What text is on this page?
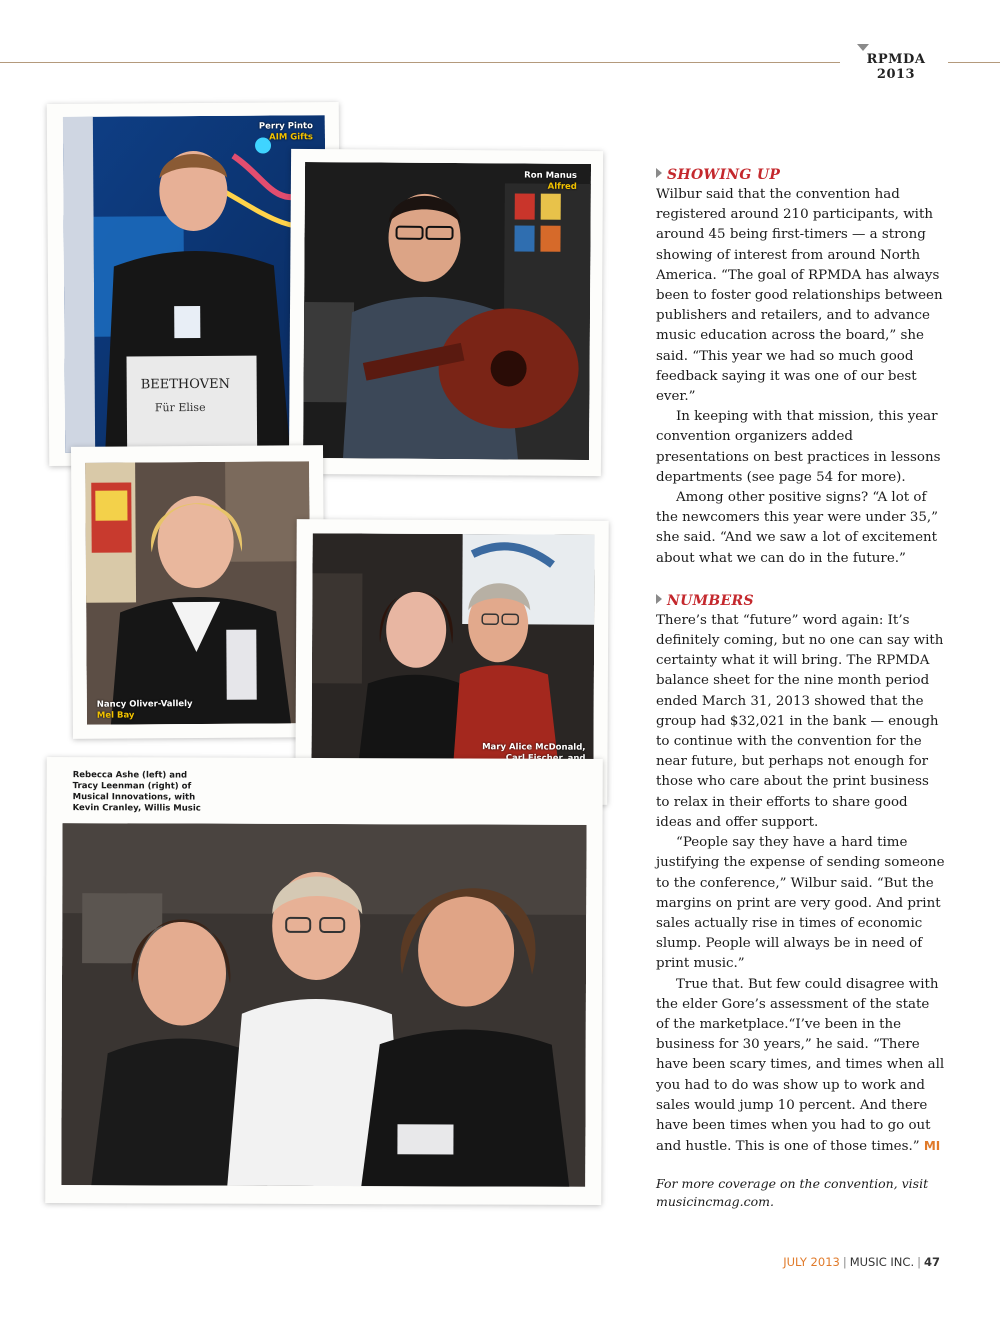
RPMDA 2013
BEETHOVEN
Für Elise
Perry Pinto
AIM Gifts
Ron Manus
Alfred
Nancy Oliver-Vallely
Mel Bay
Mary Alice McDonald,
Rebecca Ashe (left) and
Tracy Leenman (right) of
Musical Innovations, with
Kevin Cranley, Willis Music
SHOWING UP

Wilbur said that the convention had registered around 210 participants, with around 45 being first-timers — a strong showing of interest from around North America. “The goal of RPMDA has always been to foster good relationships between publishers and retailers, and to advance music education across the board,” she said. “This year we had so much good feedback saying it was one of our best ever.”

In keeping with that mission, this year convention organizers added presentations on best practices in lessons departments (see page 54 for more).

Among other positive signs? “A lot of the newcomers this year were under 35,” she said. “And we saw a lot of excitement about what we can do in the future.”

NUMBERS

There’s that “future” word again: It’s definitely coming, but no one can say with certainty what it will bring. The RPMDA balance sheet for the nine month period ended March 31, 2013 showed that the group had $32,021 in the bank — enough to continue with the convention for the near future, but perhaps not enough for those who care about the print business to relax in their efforts to share good ideas and offer support.

“People say they have a hard time justifying the expense of sending someone to the conference,” Wilbur said. “But the margins on print are very good. And print sales actually rise in times of economic slump. People will always be in need of print music.”

True that. But few could disagree with the elder Gore’s assessment of the state of the marketplace.“I’ve been in the business for 30 years,” he said. “There have been scary times, and times when all you had to do was show up to work and sales would jump 10 percent. And there have been times when you had to go out and hustle. This is one of those times.” MI

For more coverage on the convention, visit musicincmag.com.

JULY 2013 | MUSIC INC. | 47
